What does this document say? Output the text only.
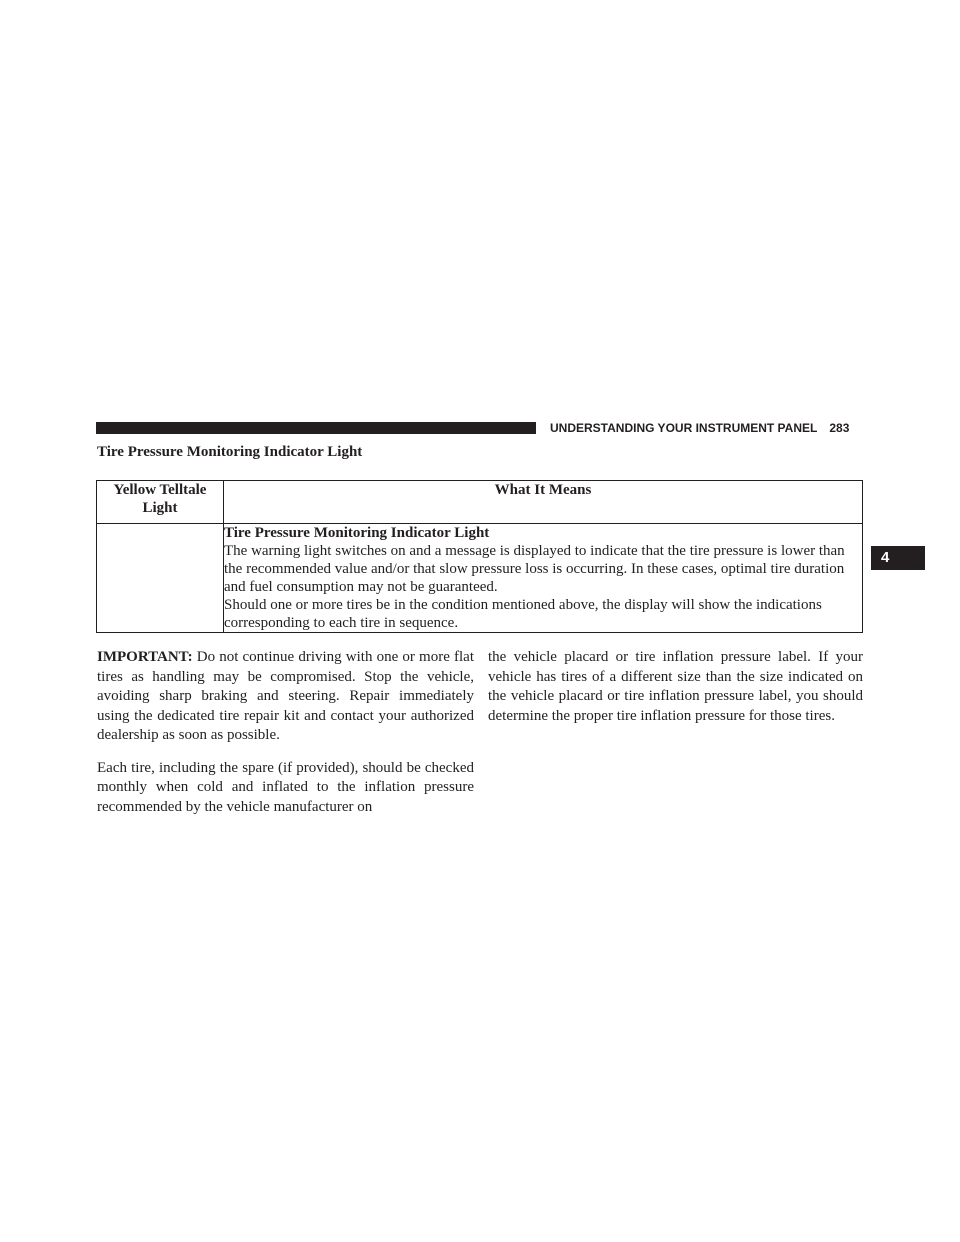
UNDERSTANDING YOUR INSTRUMENT PANEL 283
4
Tire Pressure Monitoring Indicator Light
Yellow Telltale Light	What It Means

	Tire Pressure Monitoring Indicator Light

The warning light switches on and a message is displayed to indicate that the tire pressure is lower than the recommended value and/or that slow pressure loss is occurring. In these cases, optimal tire duration and fuel consumption may not be guaranteed.

Should one or more tires be in the condition mentioned above, the display will show the indications corresponding to each tire in sequence.

IMPORTANT: Do not continue driving with one or more flat tires as handling may be compromised. Stop the vehicle, avoiding sharp braking and steering. Repair immediately using the dedicated tire repair kit and contact your authorized dealership as soon as possible.

Each tire, including the spare (if provided), should be checked monthly when cold and inflated to the inflation pressure recommended by the vehicle manufacturer on

the vehicle placard or tire inflation pressure label. If your vehicle has tires of a different size than the size indicated on the vehicle placard or tire inflation pressure label, you should determine the proper tire inflation pressure for those tires.
